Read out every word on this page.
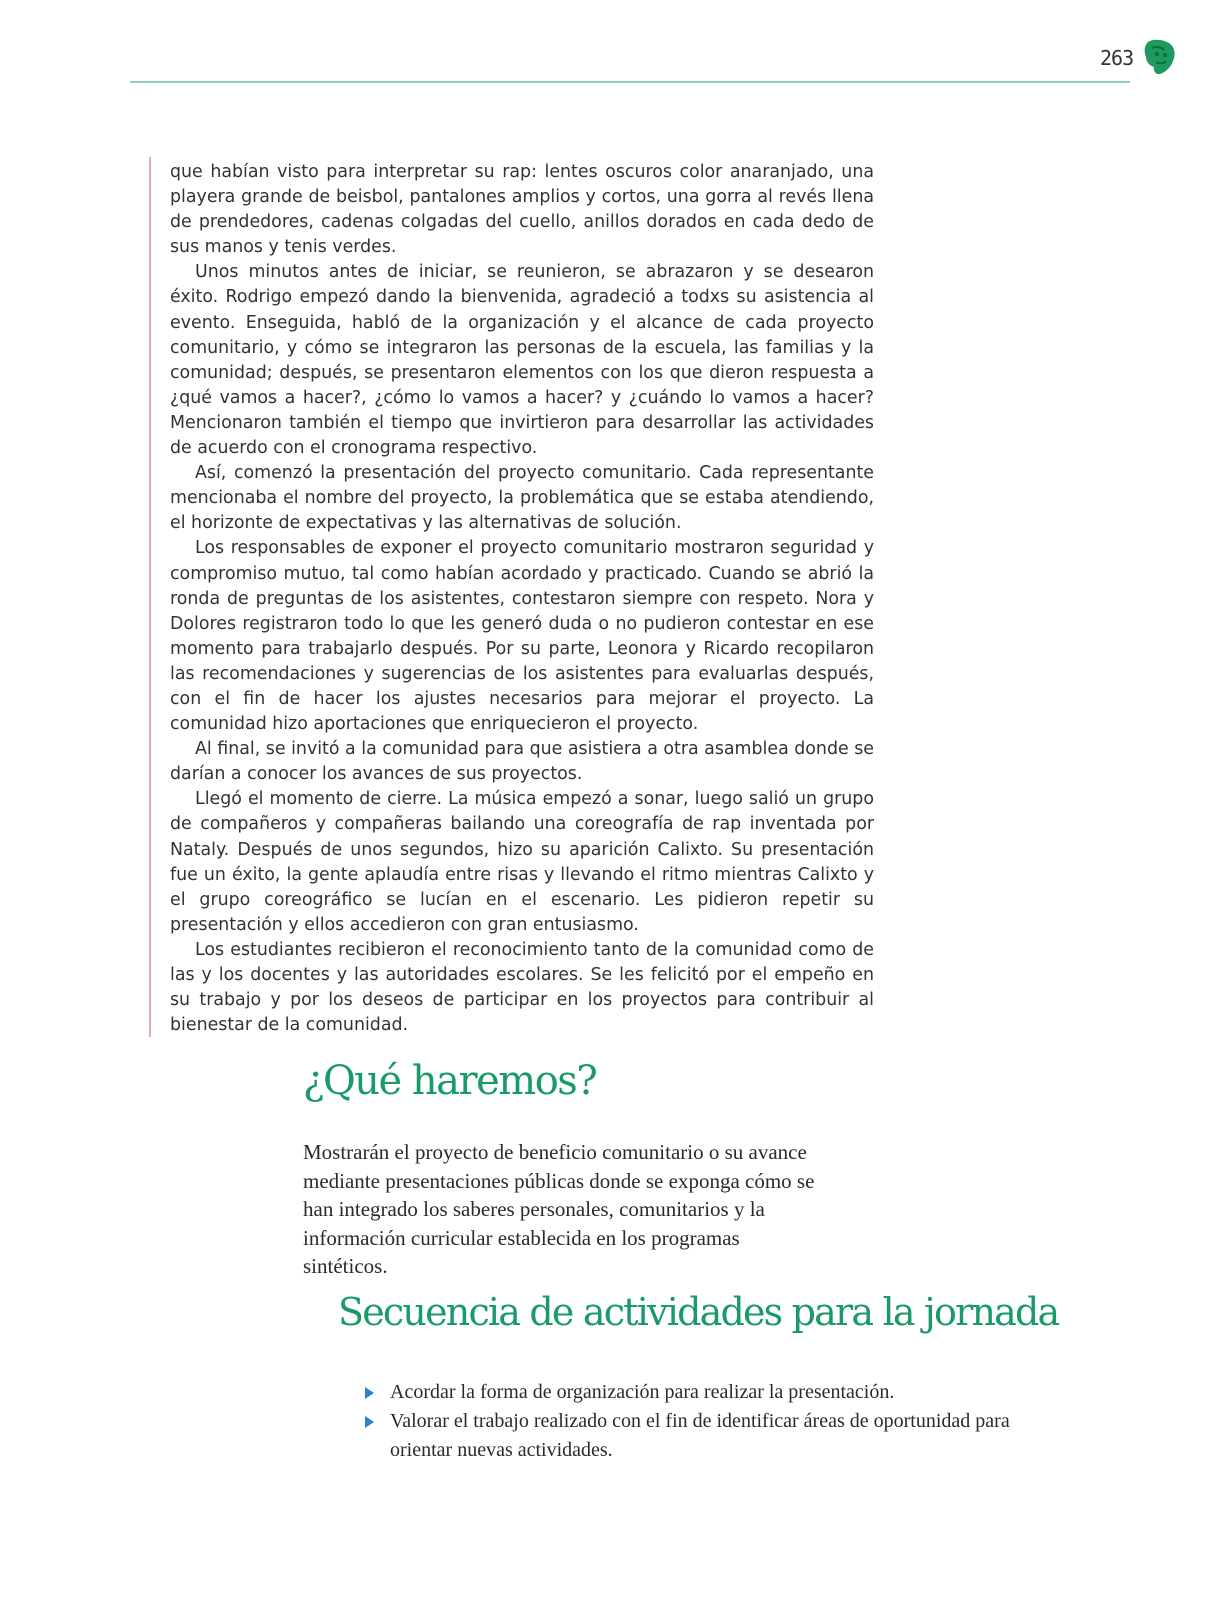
263

que habían visto para interpretar su rap: lentes oscuros color anaranjado, una playera grande de beisbol, pantalones amplios y cortos, una gorra al revés llena de prendedores, cadenas colgadas del cuello, anillos dorados en cada dedo de sus manos y tenis verdes.

Unos minutos antes de iniciar, se reunieron, se abrazaron y se desearon éxito. Rodrigo empezó dando la bienvenida, agradeció a todxs su asistencia al evento. Enseguida, habló de la organización y el alcance de cada proyecto comunitario, y cómo se integraron las personas de la escuela, las familias y la comunidad; después, se presentaron elementos con los que dieron respuesta a ¿qué vamos a hacer?, ¿cómo lo vamos a hacer? y ¿cuándo lo vamos a hacer? Mencionaron también el tiempo que invirtieron para desarrollar las actividades de acuerdo con el cronograma respectivo.

Así, comenzó la presentación del proyecto comunitario. Cada representante mencionaba el nombre del proyecto, la problemática que se estaba atendiendo, el horizonte de expectativas y las alternativas de solución.

Los responsables de exponer el proyecto comunitario mostraron seguridad y compromiso mutuo, tal como habían acordado y practicado. Cuando se abrió la ronda de preguntas de los asistentes, contestaron siempre con respeto. Nora y Dolores registraron todo lo que les generó duda o no pudieron contestar en ese momento para trabajarlo después. Por su parte, Leonora y Ricardo recopilaron las recomendaciones y sugerencias de los asistentes para evaluarlas después, con el fin de hacer los ajustes necesarios para mejorar el proyecto. La comunidad hizo aportaciones que enriquecieron el proyecto.

Al final, se invitó a la comunidad para que asistiera a otra asamblea donde se darían a conocer los avances de sus proyectos.

Llegó el momento de cierre. La música empezó a sonar, luego salió un grupo de compañeros y compañeras bailando una coreografía de rap inventada por Nataly. Después de unos segundos, hizo su aparición Calixto. Su presentación fue un éxito, la gente aplaudía entre risas y llevando el ritmo mientras Calixto y el grupo coreográfico se lucían en el escenario. Les pidieron repetir su presentación y ellos accedieron con gran entusiasmo.

Los estudiantes recibieron el reconocimiento tanto de la comunidad como de las y los docentes y las autoridades escolares. Se les felicitó por el empeño en su trabajo y por los deseos de participar en los proyectos para contribuir al bienestar de la comunidad.

¿Qué haremos?

Mostrarán el proyecto de beneficio comunitario o su avance mediante presentaciones públicas donde se exponga cómo se han integrado los saberes personales, comunitarios y la información curricular establecida en los programas sintéticos.

Secuencia de actividades para la jornada
Acordar la forma de organización para realizar la presentación.
Valorar el trabajo realizado con el fin de identificar áreas de oportunidad para orientar nuevas actividades.
